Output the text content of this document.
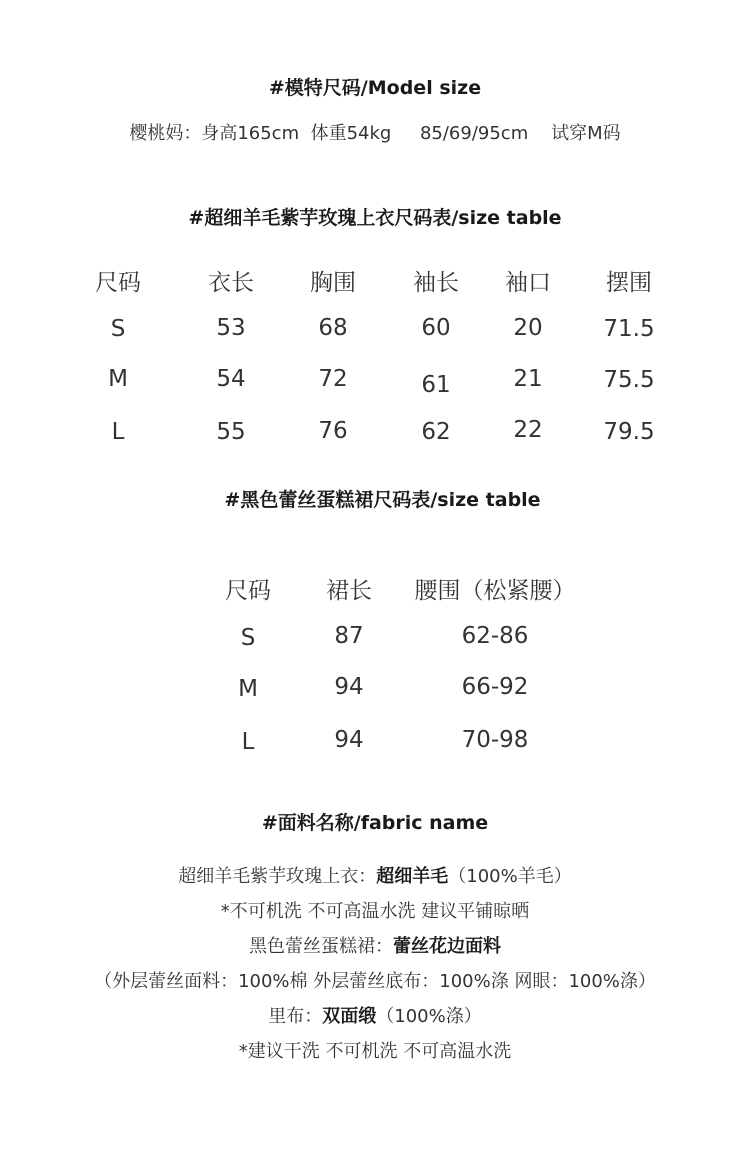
#模特尺码/Model size
樱桃妈：身高165cm 体重54kg 85/69/95cm 试穿M码
#超细羊毛紫芋玫瑰上衣尺码表/size table
尺码	衣长	胸围	袖长	袖口	摆围
S	53	68	60	20	71.5
M	54	72	61	21	75.5
L	55	76	62	22	79.5
#黑色蕾丝蛋糕裙尺码表/size table
尺码	裙长	腰围（松紧腰）
S	87	62-86
M	94	66-92
L	94	70-98
#面料名称/fabric name
超细羊毛紫芋玫瑰上衣：超细羊毛（100%羊毛）
*不可机洗 不可高温水洗 建议平铺晾晒
黑色蕾丝蛋糕裙：蕾丝花边面料
（外层蕾丝面料：100%棉 外层蕾丝底布：100%涤 网眼：100%涤）
里布：双面缎（100%涤）
*建议干洗 不可机洗 不可高温水洗
